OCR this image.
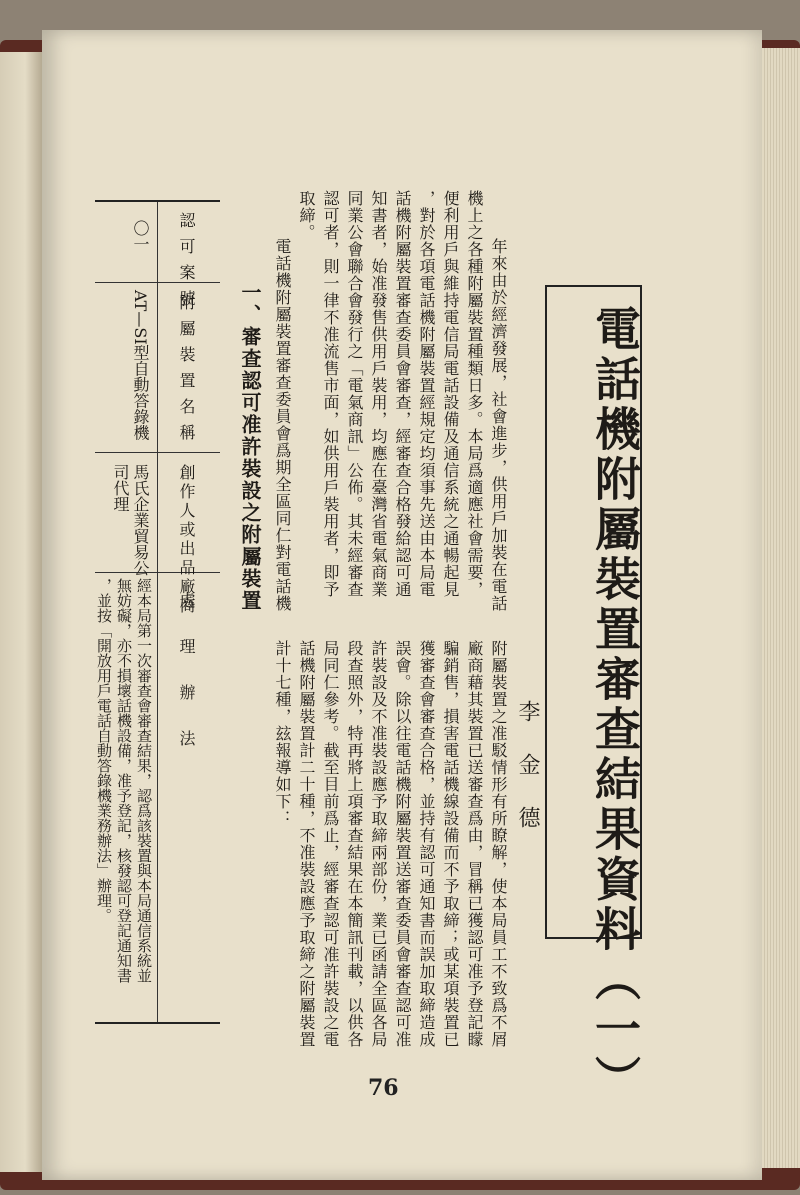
電話機附屬裝置審查結果資料（一）
李 金 德
附屬裝置之准駁情形有所瞭解，使本局員工不致爲不屑
廠商藉其裝置已送審查爲由，冒稱已獲認可准予登記矇
騙銷售，損害電話機線設備而不予取締；或某項裝置已
獲審查會審查合格，並持有認可通知書而誤加取締造成
誤會。除以往電話機附屬裝置送審查委員會審查認可准
許裝設及不准裝設應予取締兩部份，業已函請全區各局
段查照外，特再將上項審查結果在本簡訊刊載，以供各
局同仁參考。截至目前爲止，經審查認可准許裝設之電
話機附屬裝置計二十種，不准裝設應予取締之附屬裝置
計十七種，玆報導如下：
年來由於經濟發展，社會進步，供用戶加裝在電話
機上之各種附屬裝置種類日多。本局爲適應社會需要，
便利用戶與維持電信局電話設備及通信系統之通暢起見
，對於各項電話機附屬裝置經規定均須事先送由本局電
話機附屬裝置審查委員會審查，經審查合格發給認可通
知書者，始准發售供用戶裝用，均應在臺灣省電氣商業
同業公會聯合會發行之「電氣商訊」公佈。其未經審查
認可者，則一律不准流售市面，如供用戶裝用者，即予
取締。
電話機附屬裝置審查委員會爲期全區同仁對電話機
一、審查認可准許裝設之附屬裝置
認可案號
附屬裝置名稱
創作人或出品廠商
處理辦法
〇一
AT—SI型自動答錄機
馬氏企業貿易公
司代理
經本局第一次審查會審查結果，認爲該裝置與本局通信系統並
無妨礙，亦不損壞話機設備，准予登記，核發認可登記通知書
，並按「開放用戶電話自動答錄機業務辦法」辦理。
76
